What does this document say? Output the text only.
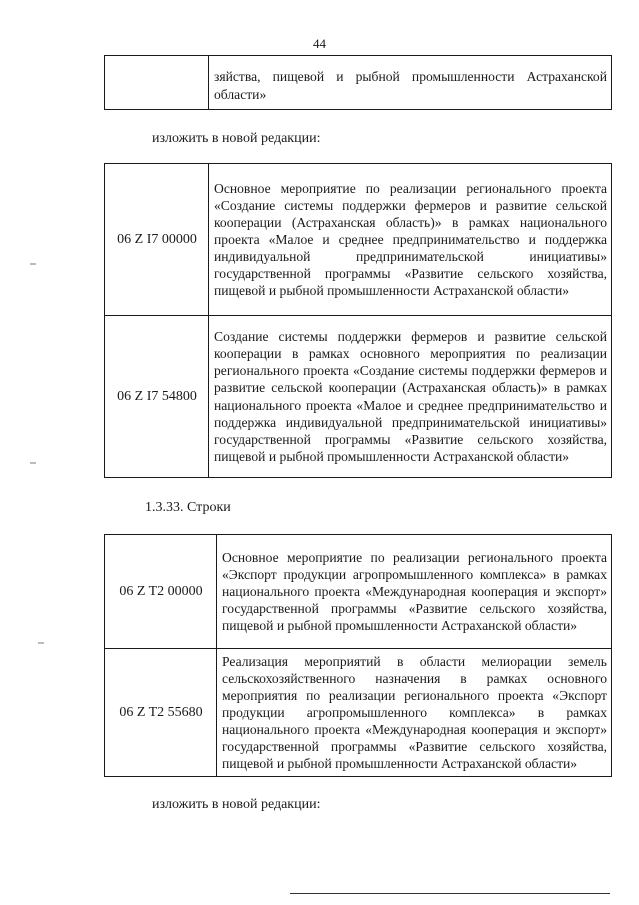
44
	зяйства, пищевой и рыбной промышленности Астраханской области»
изложить в новой редакции:
06 Z I7 00000	Основное мероприятие по реализации регионального проекта «Создание системы поддержки фермеров и развитие сельской кооперации (Астраханская область)» в рамках национального проекта «Малое и среднее предпринимательство и поддержка индивидуальной предпринимательской инициативы» государственной программы «Развитие сельского хозяйства, пищевой и рыбной промышленности Астраханской области»
06 Z I7 54800	Создание системы поддержки фермеров и развитие сельской кооперации в рамках основного мероприятия по реализации регионального проекта «Создание системы поддержки фермеров и развитие сельской кооперации (Астраханская область)» в рамках национального проекта «Малое и среднее предпринимательство и поддержка индивидуальной предпринимательской инициативы» государственной программы «Развитие сельского хозяйства, пищевой и рыбной промышленности Астраханской области»
1.3.33. Строки
06 Z T2 00000	Основное мероприятие по реализации регионального проекта «Экспорт продукции агропромышленного комплекса» в рамках национального проекта «Международная кооперация и экспорт» государственной программы «Развитие сельского хозяйства, пищевой и рыбной промышленности Астраханской области»
06 Z T2 55680	Реализация мероприятий в области мелиорации земель сельскохозяйственного назначения в рамках основного мероприятия по реализации регионального проекта «Экспорт продукции агропромышленного комплекса» в рамках национального проекта «Международная кооперация и экспорт» государственной программы «Развитие сельского хозяйства, пищевой и рыбной промышленности Астраханской области»
изложить в новой редакции:
